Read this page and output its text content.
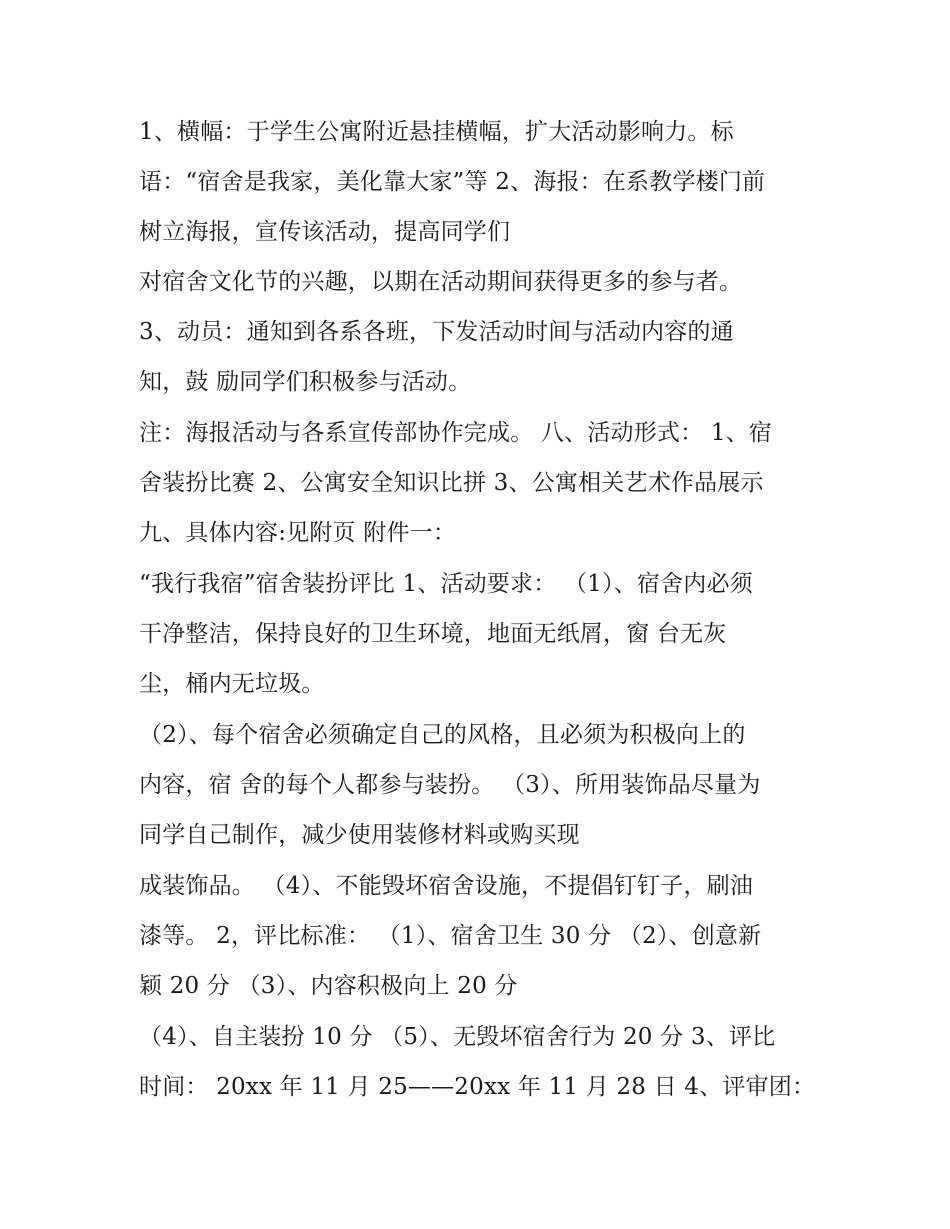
1、横幅：于学生公寓附近悬挂横幅，扩大活动影响力。标
语：“宿舍是我家，美化靠大家”等 2、海报：在系教学楼门前
树立海报，宣传该活动，提高同学们
对宿舍文化节的兴趣，以期在活动期间获得更多的参与者。
3、动员：通知到各系各班，下发活动时间与活动内容的通
知，鼓 励同学们积极参与活动。
注：海报活动与各系宣传部协作完成。 八、活动形式： 1、宿
舍装扮比赛 2、公寓安全知识比拼 3、公寓相关艺术作品展示
九、具体内容:见附页 附件一：
“我行我宿”宿舍装扮评比 1、活动要求： （1）、宿舍内必须
干净整洁，保持良好的卫生环境，地面无纸屑，窗 台无灰
尘，桶内无垃圾。
（2）、每个宿舍必须确定自己的风格，且必须为积极向上的
内容，宿 舍的每个人都参与装扮。 （3）、所用装饰品尽量为
同学自己制作，减少使用装修材料或购买现
成装饰品。 （4）、不能毁坏宿舍设施，不提倡钉钉子，刷油
漆等。 2，评比标准： （1）、宿舍卫生 30 分 （2）、创意新
颖 20 分 （3）、内容积极向上 20 分
（4）、自主装扮 10 分 （5）、无毁坏宿舍行为 20 分 3、评比
时间： 20xx 年 11 月 25——20xx 年 11 月 28 日 4、评审团：
